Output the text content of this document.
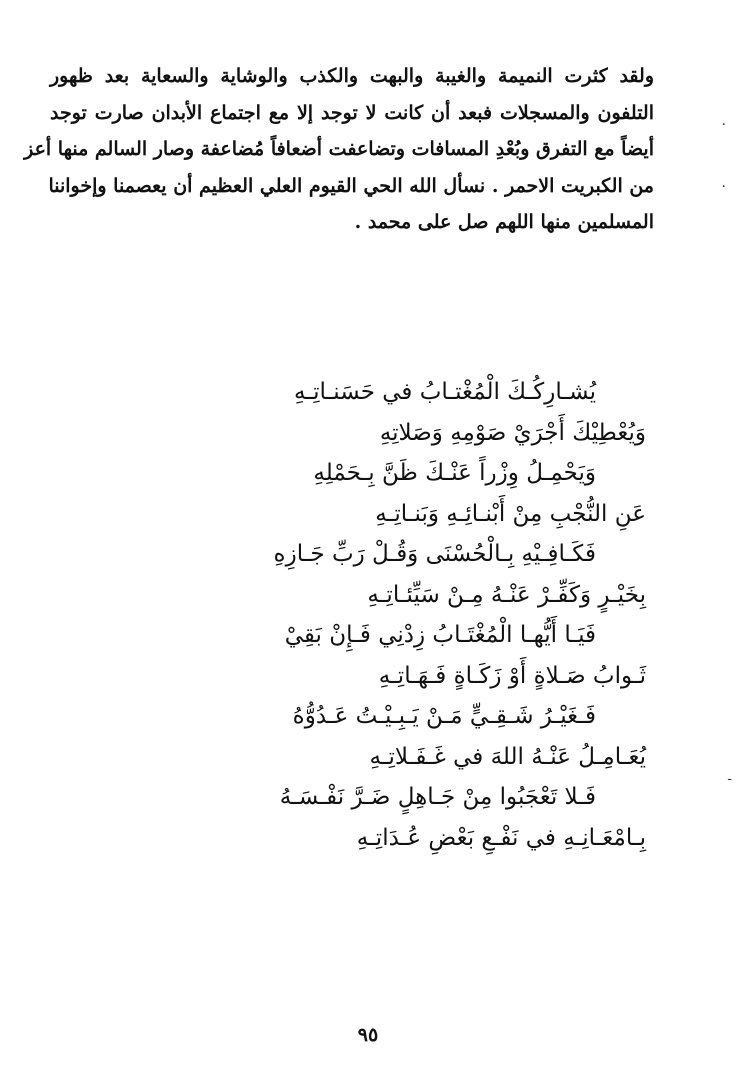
ولقد كثرت النميمة والغيبة والبهت والكذب والوشاية والسعاية بعد ظهور
التلفون والمسجلات فبعد أن كانت لا توجد إلا مع اجتماع الأبدان صارت توجد
أيضاً مع التفرق وبُعْدِ المسافات وتضاعفت أضعافاً مُضاعفة وصار السالم منها أعز
من الكبريت الاحمر . نسأل الله الحي القيوم العلي العظيم أن يعصمنا وإخواننا
المسلمين منها اللهم صل على محمد .
يُشـارِكُـكَ الْمُغْتـابُ في حَسَنـاتِـهِ
وَيُعْطِيْكَ أَجْرَيْ صَوْمِهِ وَصَلاتِهِ
وَيَحْمِـلُ وِزْراً عَنْـكَ ظَنَّ بِـحَمْلِهِ
عَنِ النُّجْبِ مِنْ أَبْنـائِـهِ وَبَنـاتِـهِ
فَكَـافِـيْهِ بِـالْحُسْنَى وَقُـلْ رَبِّ جَـازِهِ
بِخَيْـرٍ وَكَفِّـرْ عَنْـهُ مِـنْ سَيِّئـاتِـهِ
فَيَـا أَيُّهـا الْمُغْتَـابُ زِدْنِي فَـإِنْ بَقِيْ
ثَـوابُ صَـلاةٍ أَوْ زَكَـاةٍ فَـهَـاتِـهِ
فَـغَيْـرُ شَـقِـيٍّ مَـنْ يَـبِـيْـتُ عَـدُوُّهُ
يُعَـامِـلُ عَنْـهُ اللهَ في غَـفَـلاتِـهِ
فَـلا تَعْجَبُوا مِنْ جَـاهِلٍ ضَـرَّ نَفْـسَـهُ
بِـامْعَـانِـهِ في نَفْـعِ بَعْضِ عُـدَاتِـهِ
٩٥
·
·
-
